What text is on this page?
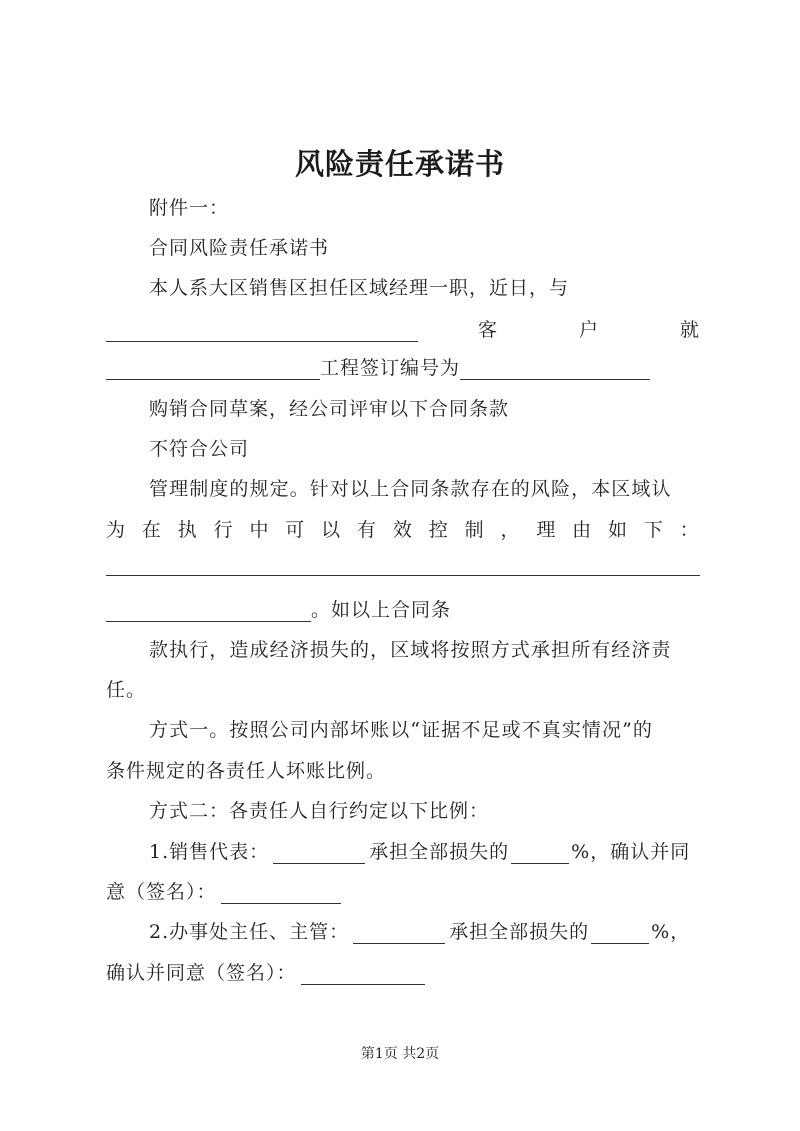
风险责任承诺书
附件一：
合同风险责任承诺书
本人系大区销售区担任区域经理一职，近日，与
客	户	就
工程签订编号为
购销合同草案，经公司评审以下合同条款
不符合公司
管理制度的规定。针对以上合同条款存在的风险，本区域认
为 在 执 行 中 可 以 有 效 控 制 ， 理 由 如 下 ：
。如以上合同条
款执行，造成经济损失的，区域将按照方式承担所有经济责
任。
方式一。按照公司内部坏账以“证据不足或不真实情况”的
条件规定的各责任人坏账比例。
方式二：各责任人自行约定以下比例：
1.销售代表：	承担全部损失的	%，确认并同
意（签名）：
2.办事处主任、主管：	承担全部损失的	%，
确认并同意（签名）：
第1页 共2页
